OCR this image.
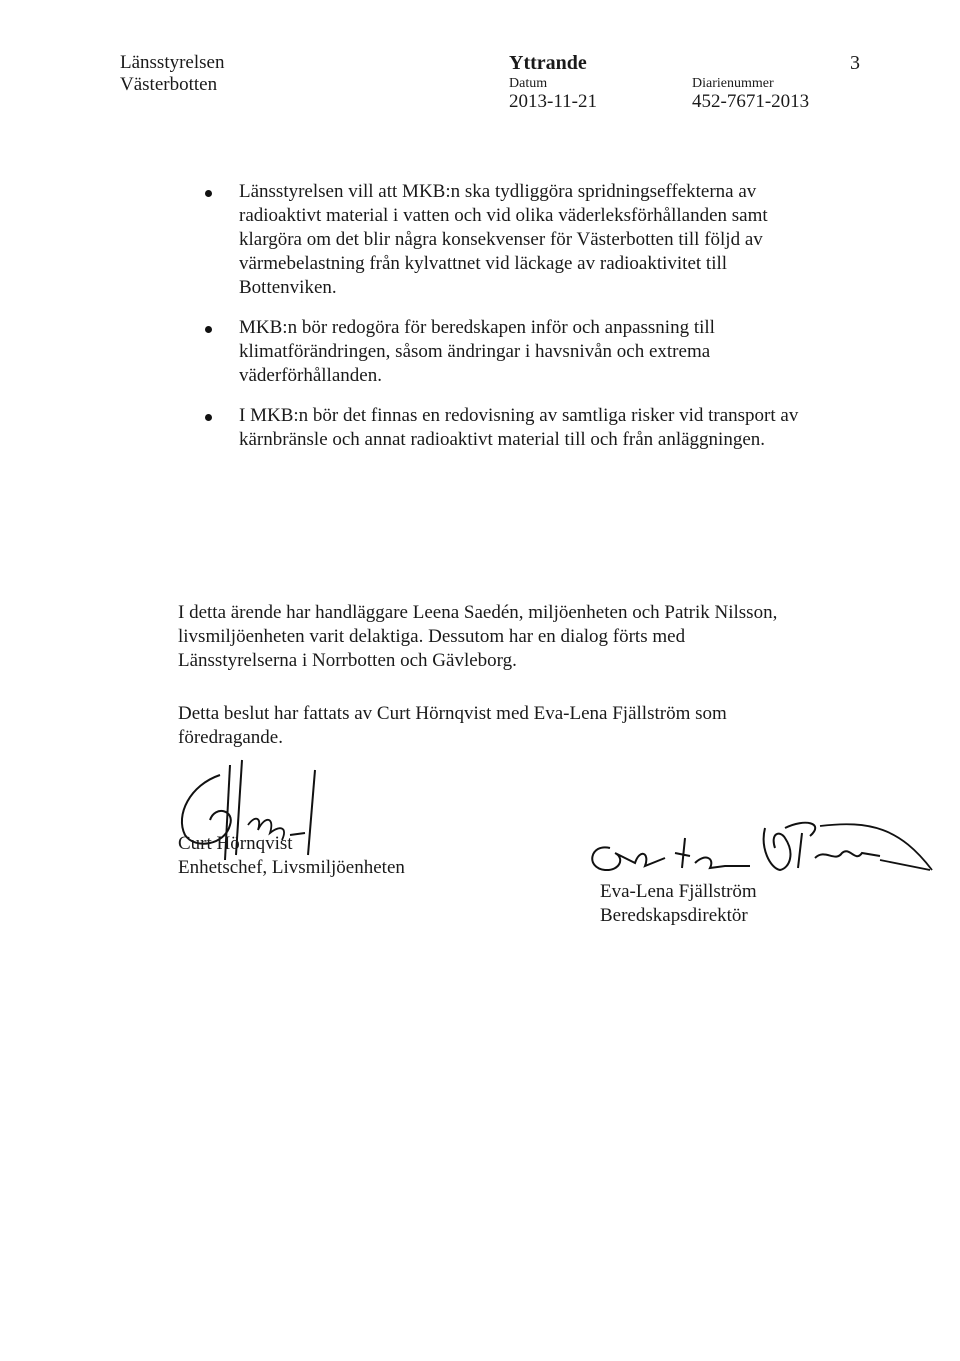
Länsstyrelsen
Västerbotten
Yttrande
Datum
2013-11-21
Diarienummer
452-7671-2013
3
Länsstyrelsen vill att MKB:n ska tydliggöra spridningseffekterna av radioaktivt material i vatten och vid olika väderleksförhållanden samt klargöra om det blir några konsekvenser för Västerbotten till följd av värmebelastning från kylvattnet vid läckage av radioaktivitet till Bottenviken.
MKB:n bör redogöra för beredskapen inför och anpassning till klimatförändringen, såsom ändringar i havsnivån och extrema väderförhållanden.
I MKB:n bör det finnas en redovisning av samtliga risker vid transport av kärnbränsle och annat radioaktivt material till och från anläggningen.
I detta ärende har handläggare Leena Saedén, miljöenheten och Patrik Nilsson, livsmiljöenheten varit delaktiga. Dessutom har en dialog förts med Länsstyrelserna i Norrbotten och Gävleborg.
Detta beslut har fattats av Curt Hörnqvist med Eva-Lena Fjällström som föredragande.
Curt Hörnqvist
Enhetschef, Livsmiljöenheten
Eva-Lena Fjällström
Beredskapsdirektör
